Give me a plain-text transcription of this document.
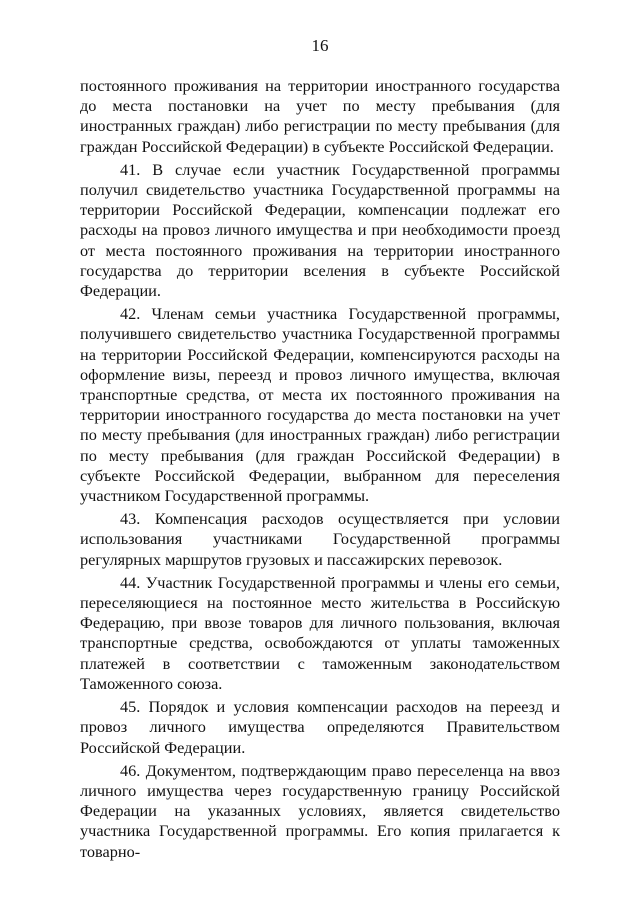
16

постоянного проживания на территории иностранного государства до места постановки на учет по месту пребывания (для иностранных граждан) либо регистрации по месту пребывания (для граждан Российской Федерации) в субъекте Российской Федерации.

41. В случае если участник Государственной программы получил свидетельство участника Государственной программы на территории Российской Федерации, компенсации подлежат его расходы на провоз личного имущества и при необходимости проезд от места постоянного проживания на территории иностранного государства до территории вселения в субъекте Российской Федерации.

42. Членам семьи участника Государственной программы, получившего свидетельство участника Государственной программы на территории Российской Федерации, компенсируются расходы на оформление визы, переезд и провоз личного имущества, включая транспортные средства, от места их постоянного проживания на территории иностранного государства до места постановки на учет по месту пребывания (для иностранных граждан) либо регистрации по месту пребывания (для граждан Российской Федерации) в субъекте Российской Федерации, выбранном для переселения участником Государственной программы.

43. Компенсация расходов осуществляется при условии использования участниками Государственной программы регулярных маршрутов грузовых и пассажирских перевозок.

44. Участник Государственной программы и члены его семьи, переселяющиеся на постоянное место жительства в Российскую Федерацию, при ввозе товаров для личного пользования, включая транспортные средства, освобождаются от уплаты таможенных платежей в соответствии с таможенным законодательством Таможенного союза.

45. Порядок и условия компенсации расходов на переезд и провоз личного имущества определяются Правительством Российской Федерации.

46. Документом, подтверждающим право переселенца на ввоз личного имущества через государственную границу Российской Федерации на указанных условиях, является свидетельство участника Государственной программы. Его копия прилагается к товарно-
